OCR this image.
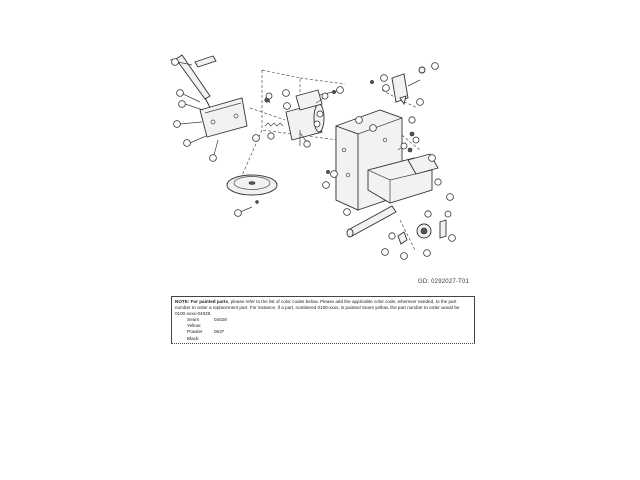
GD: 0292027-T01
NOTE: For painted parts, please refer to the list of color codes below. Please add the applicable color code, wherever needed, to the part number to order a replacement part. For instance, if a part, numbered 0100-xxxx, is painted Sears yellow, the part number to order would be 0100-xxxx-04028.
Sears Yellow:
04028
Powder Black:
0637
